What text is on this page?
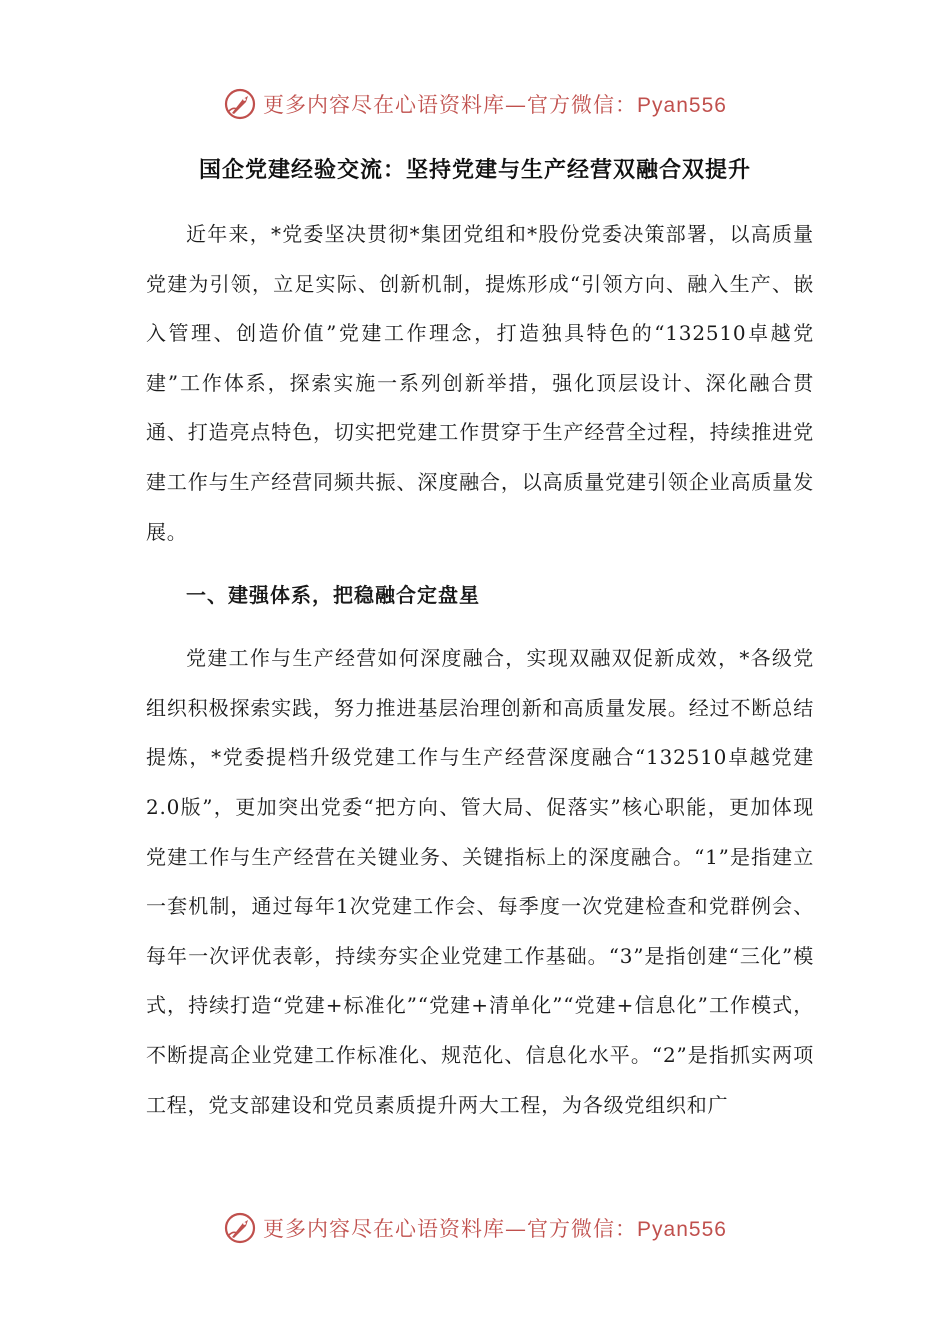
更多内容尽在心语资料库—官方微信：Pyan556
国企党建经验交流：坚持党建与生产经营双融合双提升

近年来，*党委坚决贯彻*集团党组和*股份党委决策部署，以高质量党建为引领，立足实际、创新机制，提炼形成“引领方向、融入生产、嵌入管理、创造价值”党建工作理念，打造独具特色的“132510卓越党建”工作体系，探索实施一系列创新举措，强化顶层设计、深化融合贯通、打造亮点特色，切实把党建工作贯穿于生产经营全过程，持续推进党建工作与生产经营同频共振、深度融合，以高质量党建引领企业高质量发展。

一、建强体系，把稳融合定盘星

党建工作与生产经营如何深度融合，实现双融双促新成效，*各级党组织积极探索实践，努力推进基层治理创新和高质量发展。经过不断总结提炼，*党委提档升级党建工作与生产经营深度融合“132510卓越党建2.0版”，更加突出党委“把方向、管大局、促落实”核心职能，更加体现党建工作与生产经营在关键业务、关键指标上的深度融合。“1”是指建立一套机制，通过每年1次党建工作会、每季度一次党建检查和党群例会、每年一次评优表彰，持续夯实企业党建工作基础。“3”是指创建“三化”模式，持续打造“党建+标准化”“党建+清单化”“党建+信息化”工作模式，不断提高企业党建工作标准化、规范化、信息化水平。“2”是指抓实两项工程，党支部建设和党员素质提升两大工程，为各级党组织和广

更多内容尽在心语资料库—官方微信：Pyan556
